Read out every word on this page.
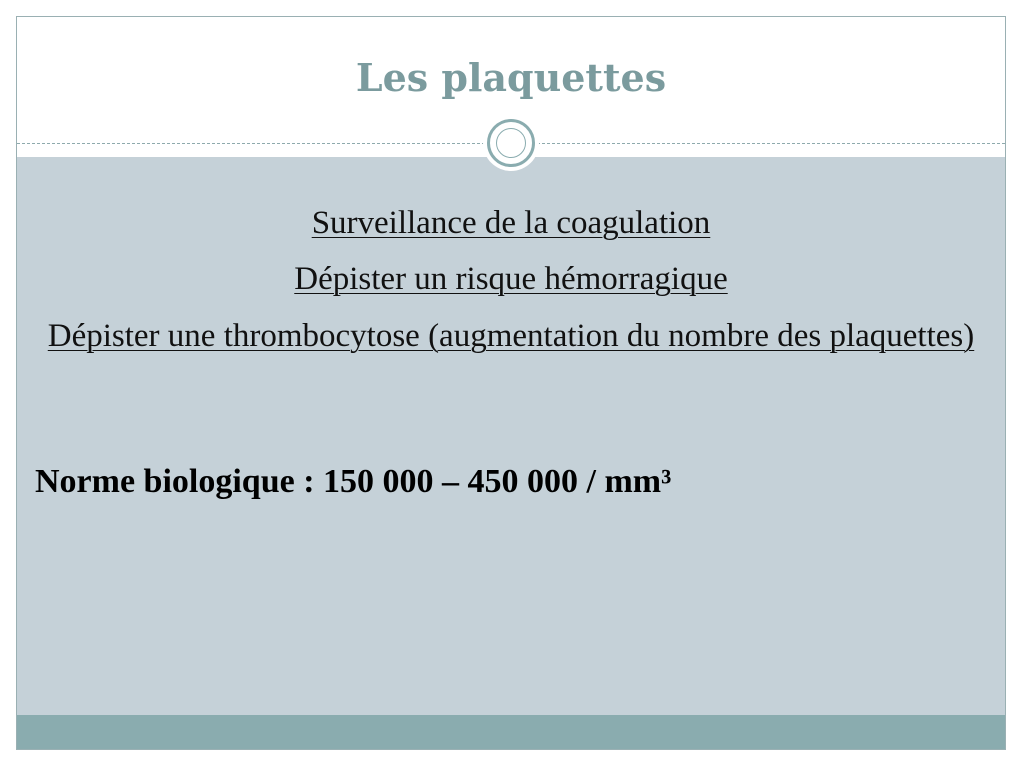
Les plaquettes
Surveillance de la coagulation
Dépister un risque hémorragique
Dépister une thrombocytose (augmentation du nombre des plaquettes)
Norme biologique : 150 000 – 450 000 / mm³
